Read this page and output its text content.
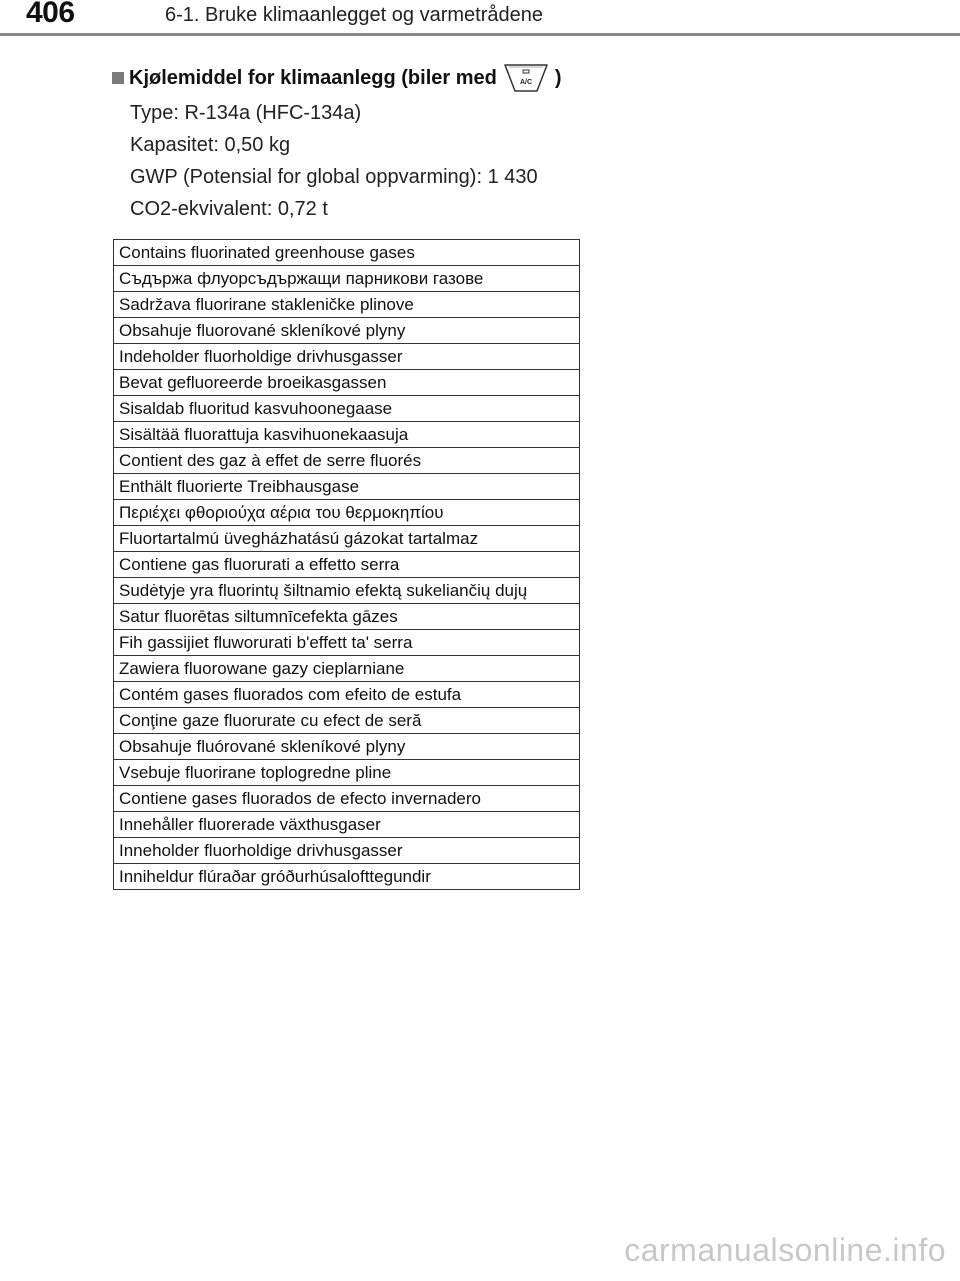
406	6-1. Bruke klimaanlegget og varmetrådene
Kjølemiddel for klimaanlegg (biler med	A/C )
Type: R-134a (HFC-134a)
Kapasitet: 0,50 kg
GWP (Potensial for global oppvarming): 1 430
CO2-ekvivalent: 0,72 t
Contains fluorinated greenhouse gases
Съдържа флуорсъдържащи парникови газове
Sadržava fluorirane stakleničke plinove
Obsahuje fluorované skleníkové plyny
Indeholder fluorholdige drivhusgasser
Bevat gefluoreerde broeikasgassen
Sisaldab fluoritud kasvuhoonegaase
Sisältää fluorattuja kasvihuonekaasuja
Contient des gaz à effet de serre fluorés
Enthält fluorierte Treibhausgase
Περιέχει φθοριούχα αέρια του θερμοκηπίου
Fluortartalmú üvegházhatású gázokat tartalmaz
Contiene gas fluorurati a effetto serra
Sudėtyje yra fluorintų šiltnamio efektą sukeliančių dujų
Satur fluorētas siltumnīcefekta gāzes
Fih gassijiet fluworurati b'effett ta' serra
Zawiera fluorowane gazy cieplarniane
Contém gases fluorados com efeito de estufa
Conţine gaze fluorurate cu efect de seră
Obsahuje fluórované skleníkové plyny
Vsebuje fluorirane toplogredne pline
Contiene gases fluorados de efecto invernadero
Innehåller fluorerade växthusgaser
Inneholder fluorholdige drivhusgasser
Inniheldur flúraðar gróðurhúsalofttegundir
carmanualsonline.info
